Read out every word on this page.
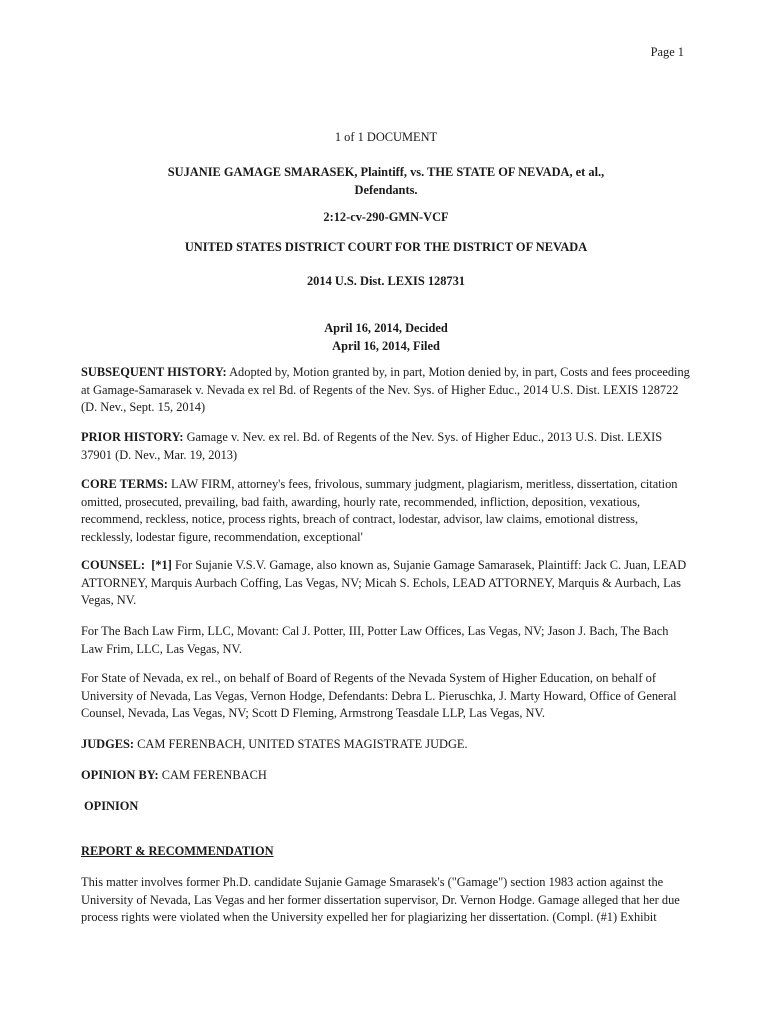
Page 1
1 of 1 DOCUMENT
SUJANIE GAMAGE SMARASEK, Plaintiff, vs. THE STATE OF NEVADA, et al.,
Defendants.
2:12-cv-290-GMN-VCF
UNITED STATES DISTRICT COURT FOR THE DISTRICT OF NEVADA
2014 U.S. Dist. LEXIS 128731
April 16, 2014, Decided
April 16, 2014, Filed
SUBSEQUENT HISTORY: Adopted by, Motion granted by, in part, Motion denied by, in part, Costs and fees proceeding at Gamage-Samarasek v. Nevada ex rel Bd. of Regents of the Nev. Sys. of Higher Educ., 2014 U.S. Dist. LEXIS 128722 (D. Nev., Sept. 15, 2014)
PRIOR HISTORY: Gamage v. Nev. ex rel. Bd. of Regents of the Nev. Sys. of Higher Educ., 2013 U.S. Dist. LEXIS 37901 (D. Nev., Mar. 19, 2013)
CORE TERMS: LAW FIRM, attorney's fees, frivolous, summary judgment, plagiarism, meritless, dissertation, citation omitted, prosecuted, prevailing, bad faith, awarding, hourly rate, recommended, infliction, deposition, vexatious, recommend, reckless, notice, process rights, breach of contract, lodestar, advisor, law claims, emotional distress, recklessly, lodestar figure, recommendation, exceptional'
COUNSEL: [*1] For Sujanie V.S.V. Gamage, also known as, Sujanie Gamage Samarasek, Plaintiff: Jack C. Juan, LEAD ATTORNEY, Marquis Aurbach Coffing, Las Vegas, NV; Micah S. Echols, LEAD ATTORNEY, Marquis & Aurbach, Las Vegas, NV.
For The Bach Law Firm, LLC, Movant: Cal J. Potter, III, Potter Law Offices, Las Vegas, NV; Jason J. Bach, The Bach Law Frim, LLC, Las Vegas, NV.
For State of Nevada, ex rel., on behalf of Board of Regents of the Nevada System of Higher Education, on behalf of University of Nevada, Las Vegas, Vernon Hodge, Defendants: Debra L. Pieruschka, J. Marty Howard, Office of General Counsel, Nevada, Las Vegas, NV; Scott D Fleming, Armstrong Teasdale LLP, Las Vegas, NV.
JUDGES: CAM FERENBACH, UNITED STATES MAGISTRATE JUDGE.
OPINION BY: CAM FERENBACH
OPINION
REPORT & RECOMMENDATION
This matter involves former Ph.D. candidate Sujanie Gamage Smarasek's ("Gamage") section 1983 action against the University of Nevada, Las Vegas and her former dissertation supervisor, Dr. Vernon Hodge. Gamage alleged that her due process rights were violated when the University expelled her for plagiarizing her dissertation. (Compl. (#1) Exhibit
